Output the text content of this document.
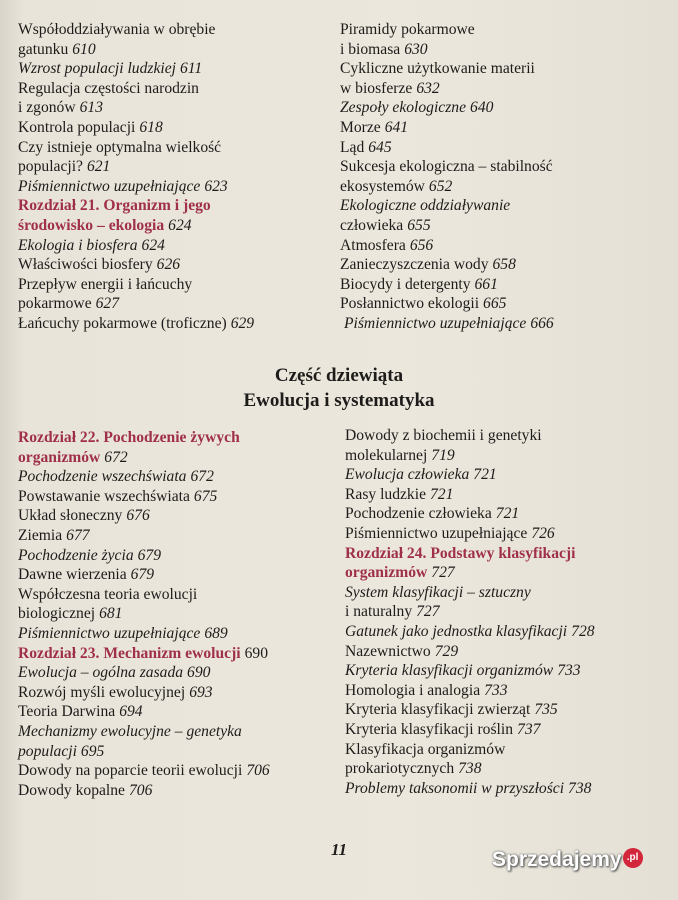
Współoddziaływania w obrębie
gatunku 610
Wzrost populacji ludzkiej 611
Regulacja częstości narodzin
i zgonów 613
Kontrola populacji 618
Czy istnieje optymalna wielkość
populacji? 621
Piśmiennictwo uzupełniające 623
Rozdział 21. Organizm i jego
środowisko – ekologia 624
Ekologia i biosfera 624
Właściwości biosfery 626
Przepływ energii i łańcuchy
pokarmowe 627
Łańcuchy pokarmowe (troficzne) 629
Piramidy pokarmowe
i biomasa 630
Cykliczne użytkowanie materii
w biosferze 632
Zespoły ekologiczne 640
Morze 641
Ląd 645
Sukcesja ekologiczna – stabilność
ekosystemów 652
Ekologiczne oddziaływanie
człowieka 655
Atmosfera 656
Zanieczyszczenia wody 658
Biocydy i detergenty 661
Posłannictwo ekologii 665
Piśmiennictwo uzupełniające 666
Część dziewiąta
Ewolucja i systematyka
Rozdział 22. Pochodzenie żywych
organizmów 672
Pochodzenie wszechświata 672
Powstawanie wszechświata 675
Układ słoneczny 676
Ziemia 677
Pochodzenie życia 679
Dawne wierzenia 679
Współczesna teoria ewolucji
biologicznej 681
Piśmiennictwo uzupełniające 689
Rozdział 23. Mechanizm ewolucji 690
Ewolucja – ogólna zasada 690
Rozwój myśli ewolucyjnej 693
Teoria Darwina 694
Mechanizmy ewolucyjne – genetyka
populacji 695
Dowody na poparcie teorii ewolucji 706
Dowody kopalne 706
Dowody z biochemii i genetyki
molekularnej 719
Ewolucja człowieka 721
Rasy ludzkie 721
Pochodzenie człowieka 721
Piśmiennictwo uzupełniające 726
Rozdział 24. Podstawy klasyfikacji
organizmów 727
System klasyfikacji – sztuczny
i naturalny 727
Gatunek jako jednostka klasyfikacji 728
Nazewnictwo 729
Kryteria klasyfikacji organizmów 733
Homologia i analogia 733
Kryteria klasyfikacji zwierząt 735
Kryteria klasyfikacji roślin 737
Klasyfikacja organizmów
prokariotycznych 738
Problemy taksonomii w przyszłości 738
11	Sprzedajemy .pl
